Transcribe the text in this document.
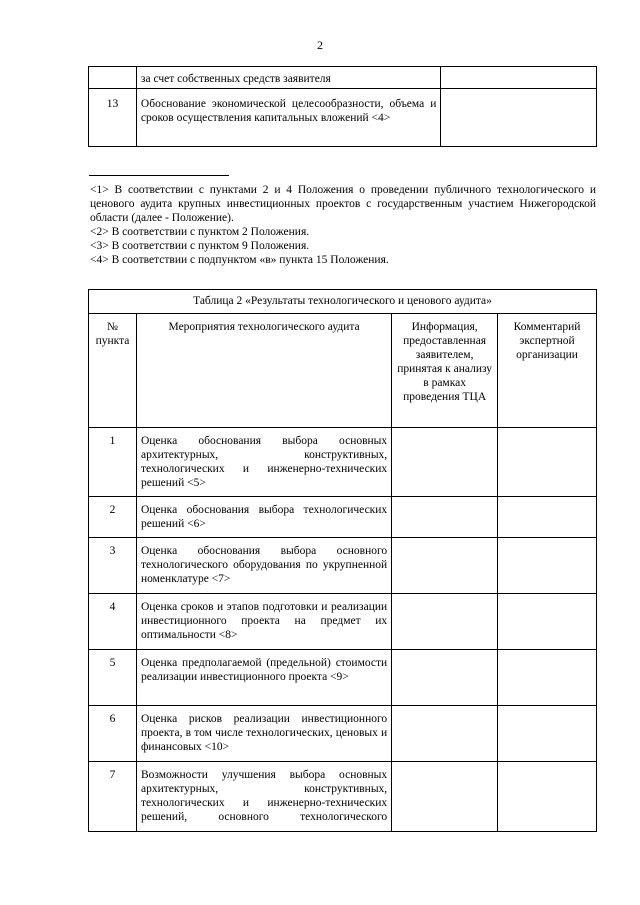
2
	за счет собственных средств заявителя	
13	Обоснование экономической целесообразности, объема и сроков осуществления капитальных вложений <4>	

<1> В соответствии с пунктами 2 и 4 Положения о проведении публичного технологического и ценового аудита крупных инвестиционных проектов с государственным участием Нижегородской области (далее - Положение).

<2> В соответствии с пунктом 2 Положения.

<3> В соответствии с пунктом 9 Положения.

<4> В соответствии с подпунктом «в» пункта 15 Положения.

Таблица 2 «Результаты технологического и ценового аудита»			
№ пункта	Мероприятия технологического аудита	Информация, предоставленная заявителем, принятая к анализу в рамках проведения ТЦА	Комментарий экспертной организации
1	Оценка обоснования выбора основных архитектурных, конструктивных, технологических и инженерно-технических решений <5>		
2	Оценка обоснования выбора технологических решений <6>		
3	Оценка обоснования выбора основного технологического оборудования по укрупненной номенклатуре <7>		
4	Оценка сроков и этапов подготовки и реализации инвестиционного проекта на предмет их оптимальности <8>		
5	Оценка предполагаемой (предельной) стоимости реализации инвестиционного проекта <9>		
6	Оценка рисков реализации инвестиционного проекта, в том числе технологических, ценовых и финансовых <10>		
7	Возможности улучшения выбора основных архитектурных, конструктивных, технологических и инженерно-технических решений, основного технологического		
